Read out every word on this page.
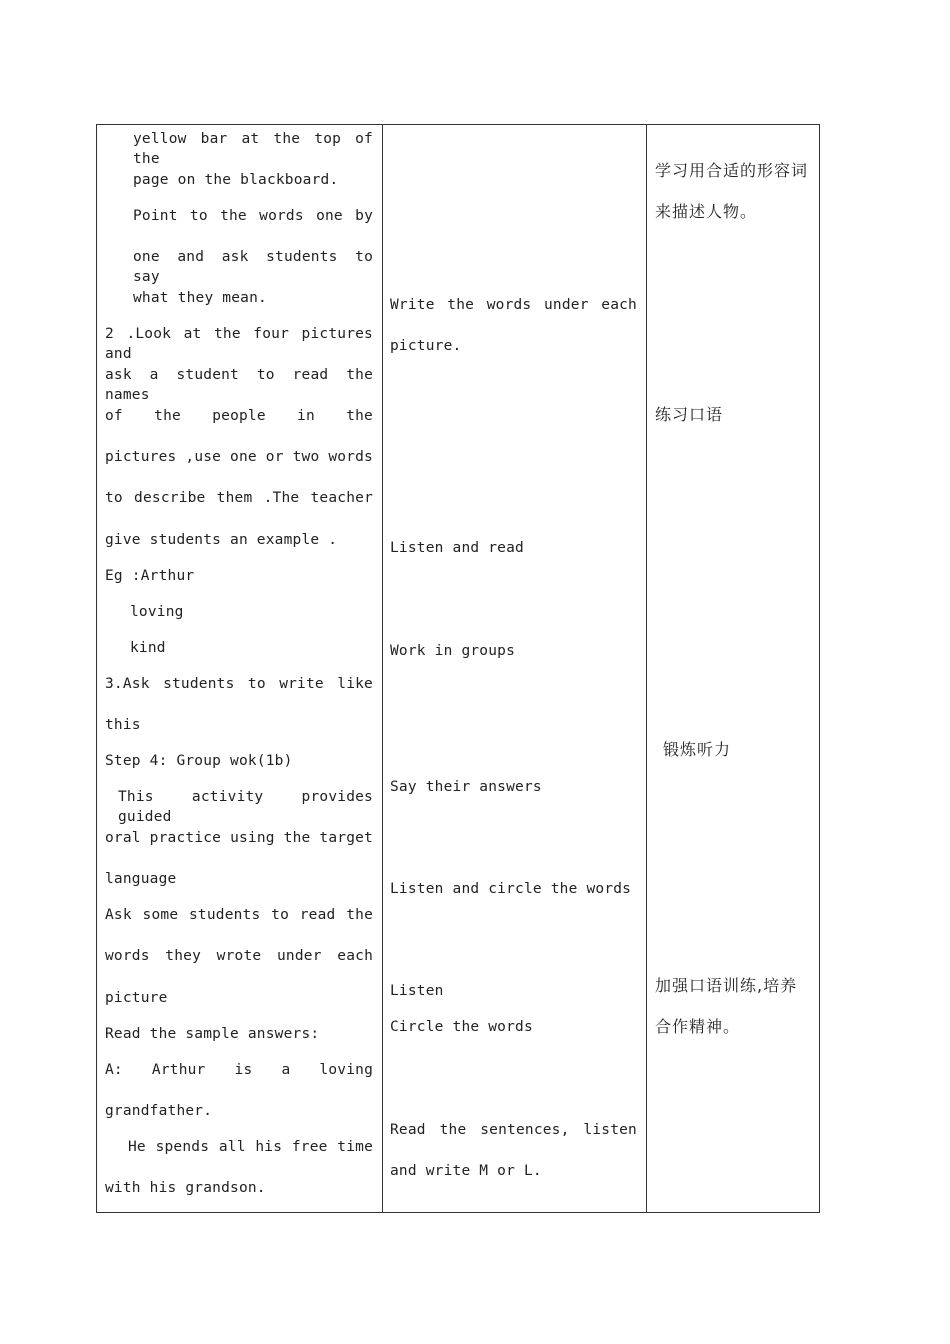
yellow bar at the top of the
page on the blackboard.
Point to the words one by
one and ask students to say
what they mean.
2 .Look at the four pictures and
ask a student to read the names
of the people in the
pictures ,use one or two words
to describe them .The teacher
give students an example .
Eg :Arthur
loving
kind
3.Ask students to write like
this
Step 4: Group wok(1b)
This activity provides guided
oral practice using the target
language
Ask some students to read the
words they wrote under each
picture
Read the sample answers:
A: Arthur is a loving
grandfather.
He spends all his free time
with his grandson.
Write the words under each
picture.
Listen and read
Work in groups
Say their answers
Listen and circle the words
Listen
Circle the words
Read the sentences, listen
and write M or L.
学习用合适的形容词
来描述人物。
练习口语
锻炼听力
加强口语训练,培养
合作精神。
